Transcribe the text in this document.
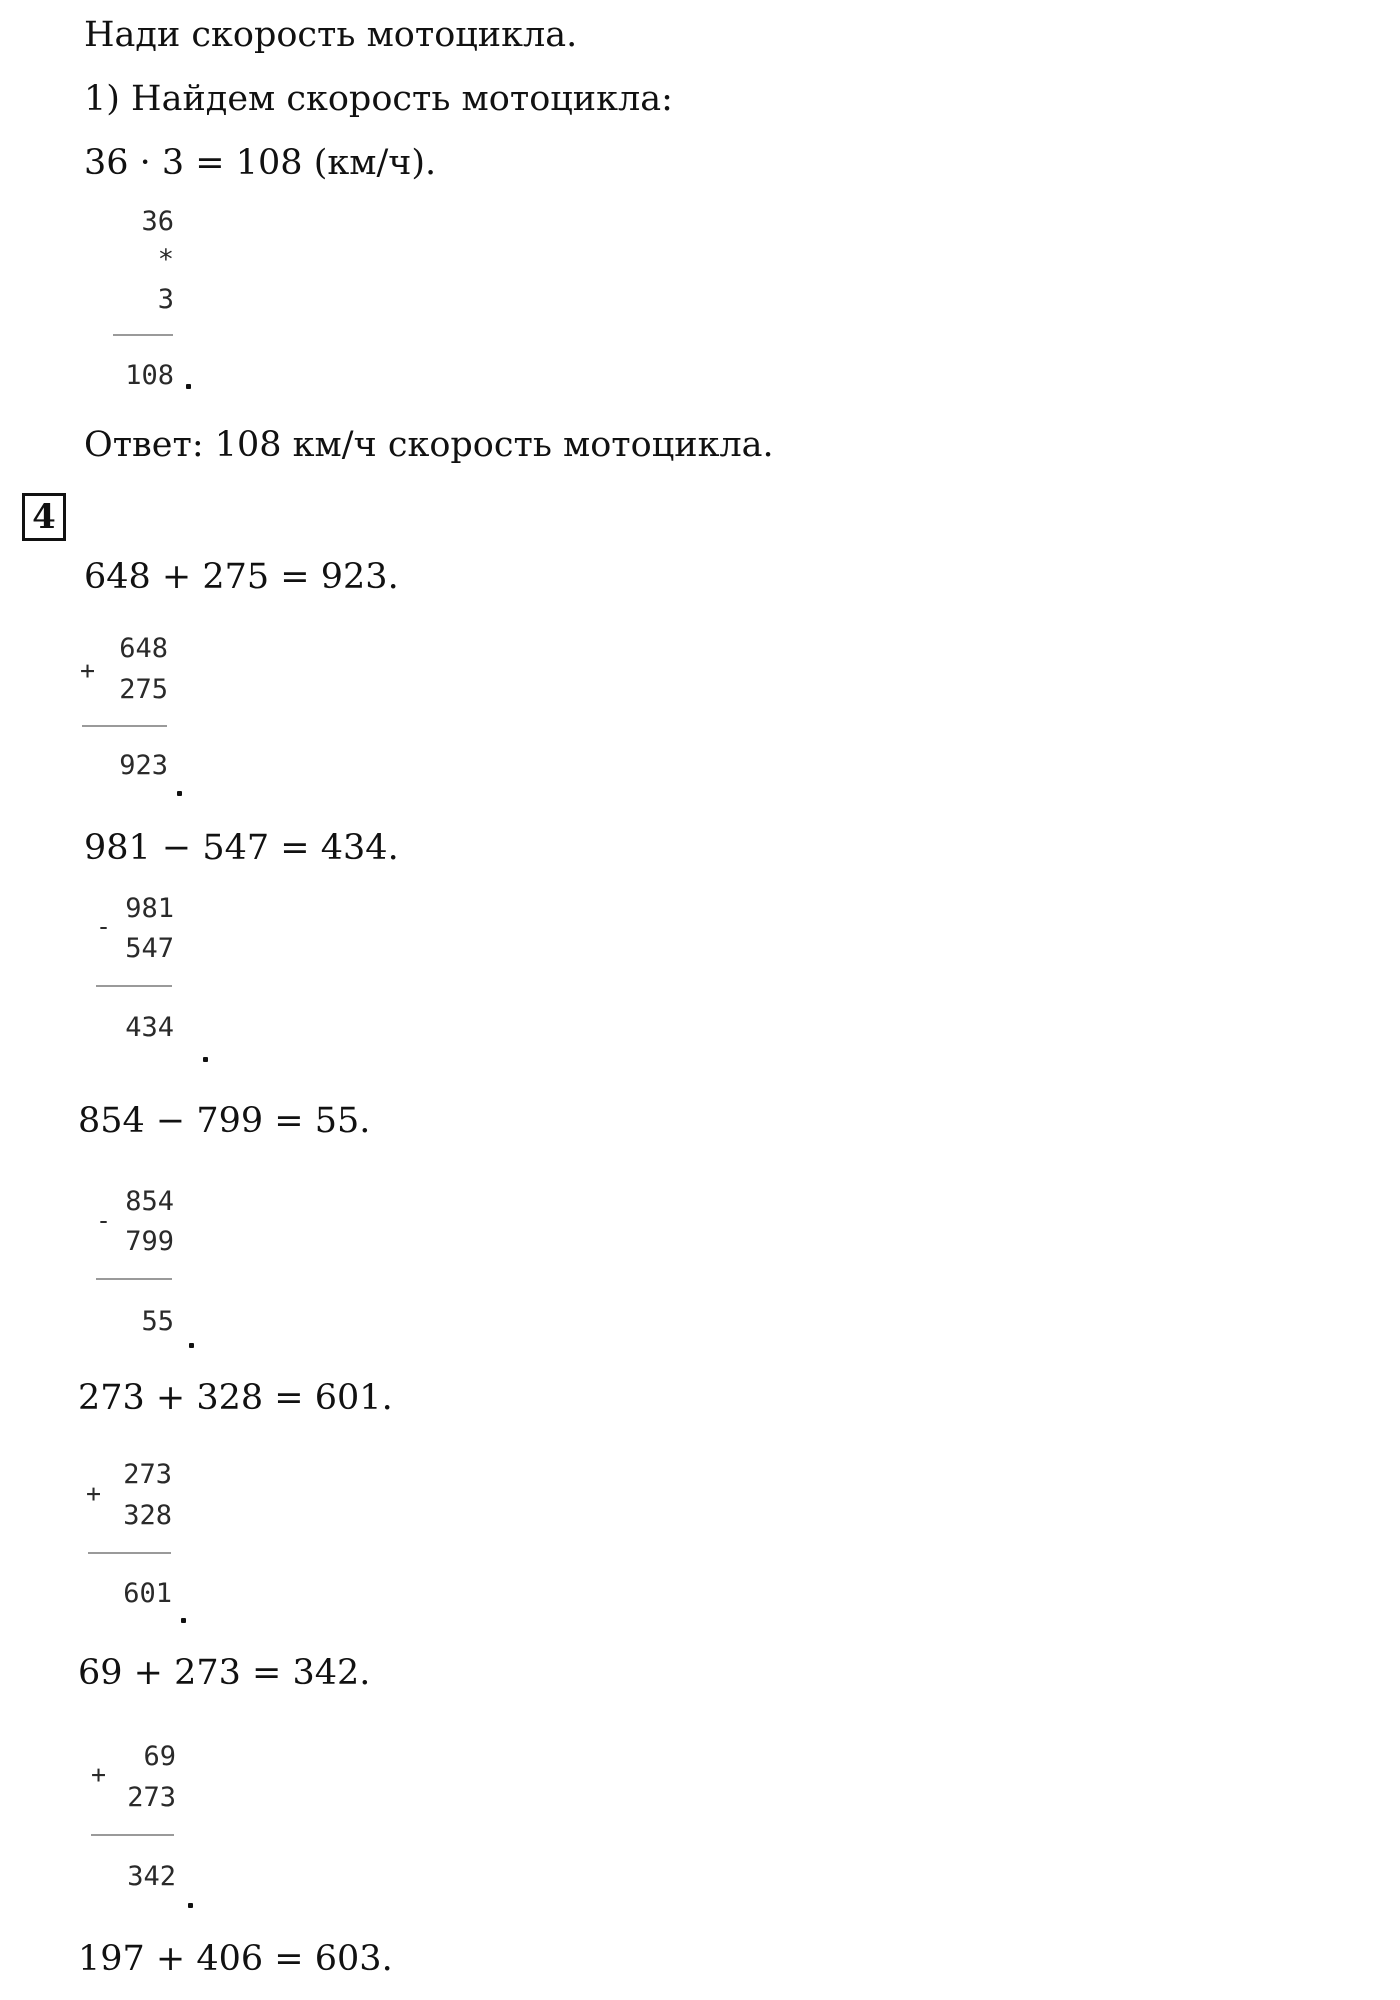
Нади скорость мотоцикла.
1) Найдем скорость мотоцикла:
36 · 3 = 108 (км/ч).
36
*
3
108
Ответ: 108 км/ч скорость мотоцикла.
4
648 + 275 = 923.
+
648
275
923
981 − 547 = 434.
-
981
547
434
854 − 799 = 55.
-
854
799
55
273 + 328 = 601.
+
273
328
601
69 + 273 = 342.
+
69
273
342
197 + 406 = 603.
